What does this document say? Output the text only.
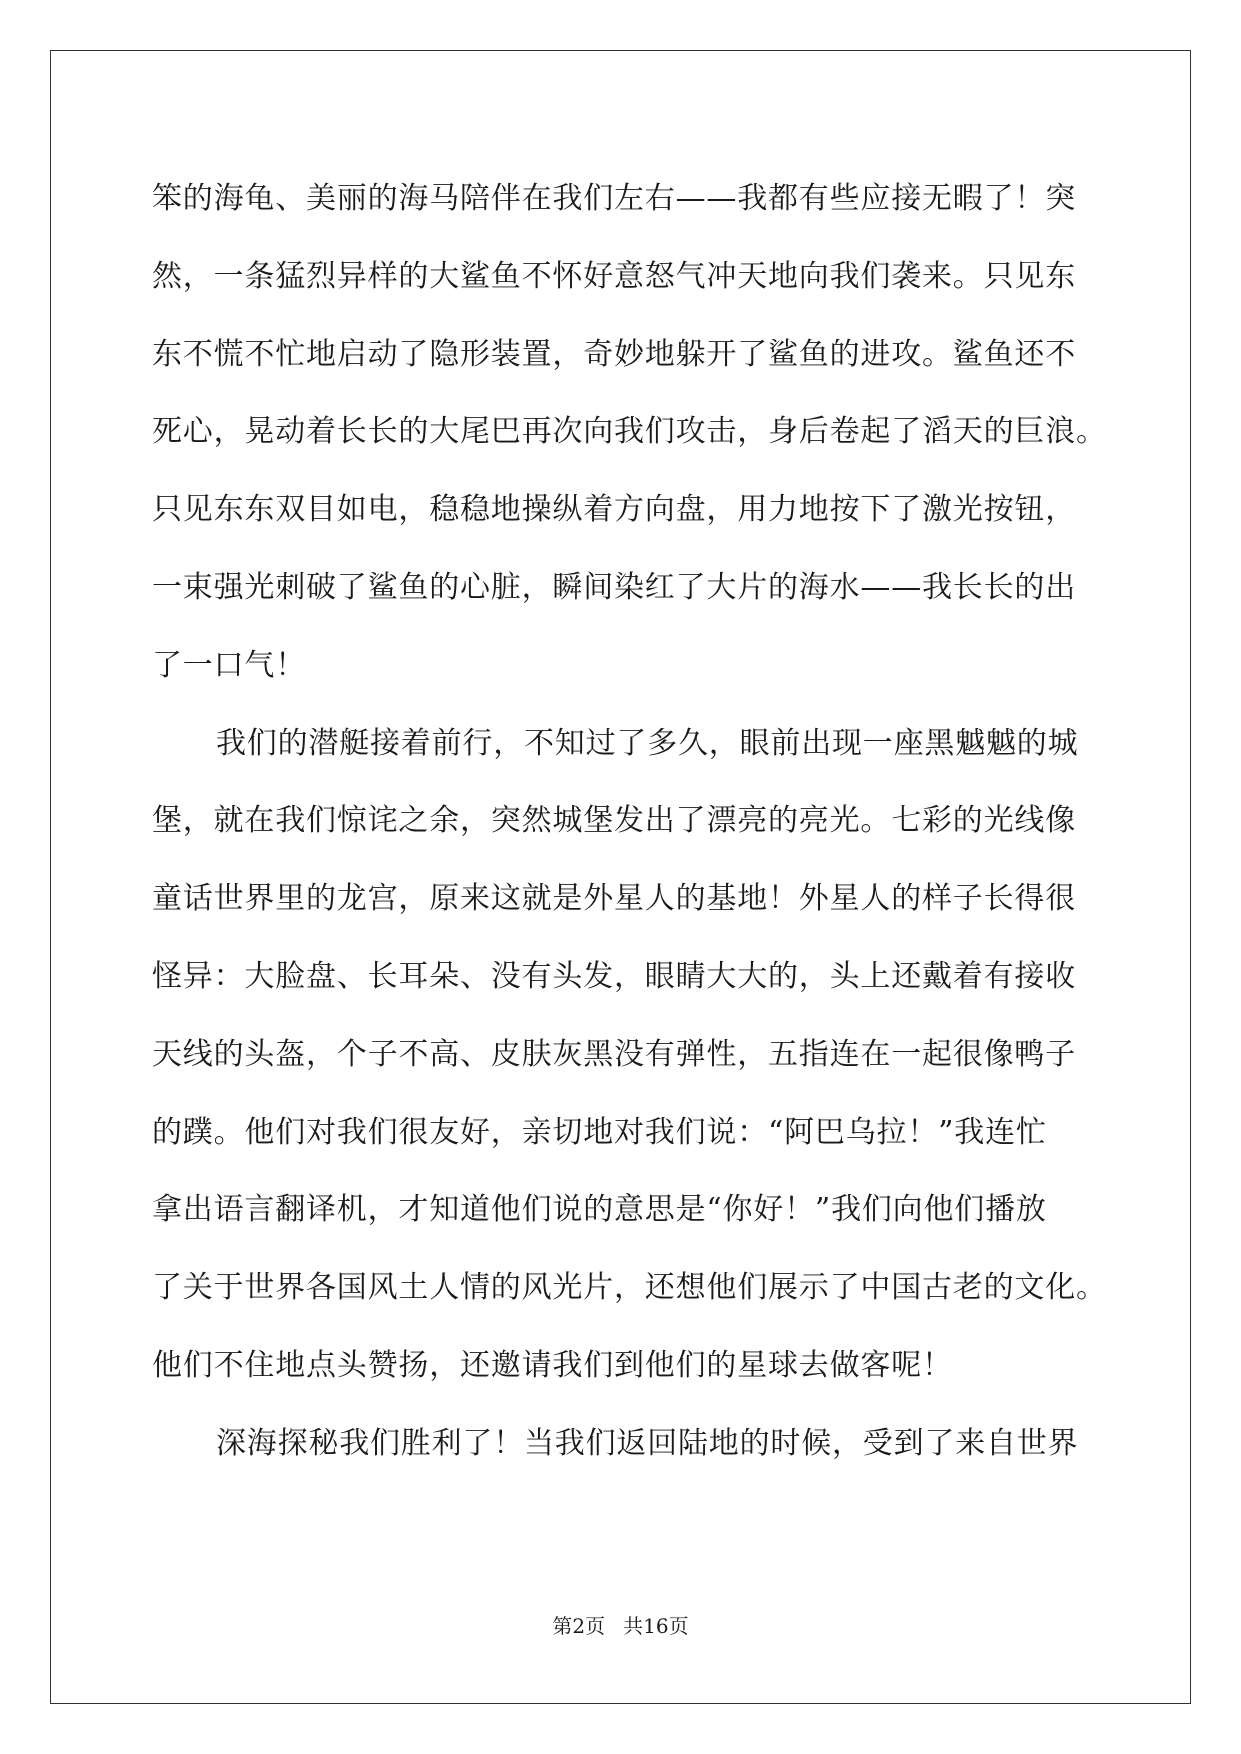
笨的海龟、美丽的海马陪伴在我们左右——我都有些应接无暇了！突
然，一条猛烈异样的大鲨鱼不怀好意怒气冲天地向我们袭来。只见东
东不慌不忙地启动了隐形装置，奇妙地躲开了鲨鱼的进攻。鲨鱼还不
死心，晃动着长长的大尾巴再次向我们攻击，身后卷起了滔天的巨浪。
只见东东双目如电，稳稳地操纵着方向盘，用力地按下了激光按钮，
一束强光刺破了鲨鱼的心脏，瞬间染红了大片的海水——我长长的出
了一口气！
我们的潜艇接着前行，不知过了多久，眼前出现一座黑魆魆的城
堡，就在我们惊诧之余，突然城堡发出了漂亮的亮光。七彩的光线像
童话世界里的龙宫，原来这就是外星人的基地！外星人的样子长得很
怪异：大脸盘、长耳朵、没有头发，眼睛大大的，头上还戴着有接收
天线的头盔，个子不高、皮肤灰黑没有弹性，五指连在一起很像鸭子
的蹼。他们对我们很友好，亲切地对我们说：“阿巴乌拉！”我连忙
拿出语言翻译机，才知道他们说的意思是“你好！”我们向他们播放
了关于世界各国风土人情的风光片，还想他们展示了中国古老的文化。
他们不住地点头赞扬，还邀请我们到他们的星球去做客呢！
深海探秘我们胜利了！当我们返回陆地的时候，受到了来自世界
第2页 共16页
